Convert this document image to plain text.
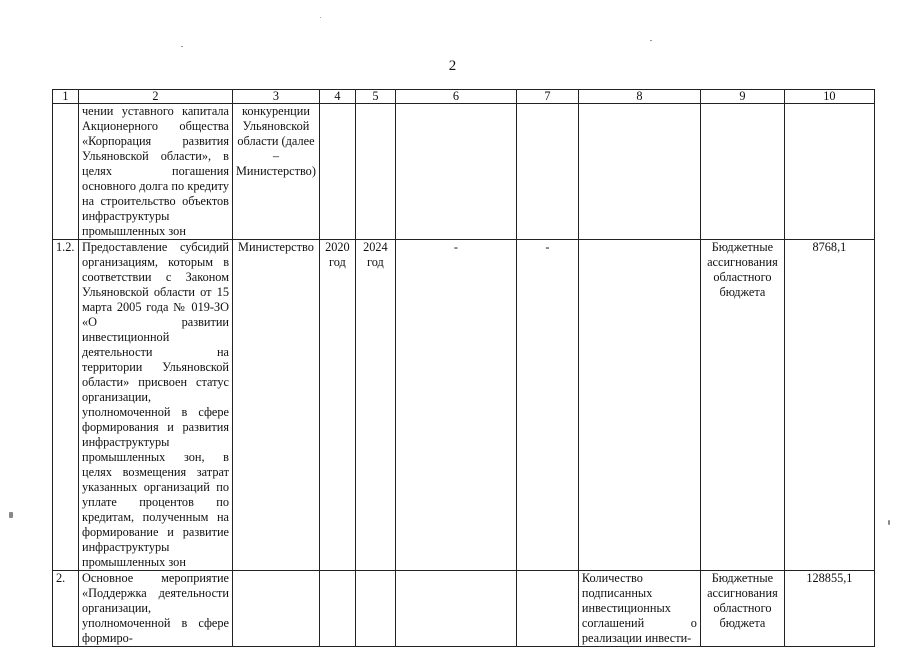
2
1	2	3	4	5	6	7	8	9	10
	чении уставного капитала Акционерного общества «Корпорация развития Ульяновской области», в целях погашения основного долга по кредиту на строительство объектов инфраструктуры промышленных зон	конкуренции Ульяновской области (далее – Министерство)							
1.2.	Предоставление субсидий организациям, которым в соответствии с Законом Ульяновской области от 15 марта 2005 года № 019-ЗО «О развитии инвестиционной деятельности на территории Ульяновской области» присвоен статус организации, уполномоченной в сфере формирования и развития инфраструктуры промышленных зон, в целях возмещения затрат указанных организаций по уплате процентов по кредитам, полученным на формирование и развитие инфраструктуры промышленных зон	Министерство	2020 год	2024 год	-	-		Бюджетные ассигнования областного бюджета	8768,1
2.	Основное мероприятие «Поддержка деятельности организации, уполномоченной в сфере формиро-						Количество подписанных инвестиционных соглашений о реализации инвести-	Бюджетные ассигнования областного бюджета	128855,1
